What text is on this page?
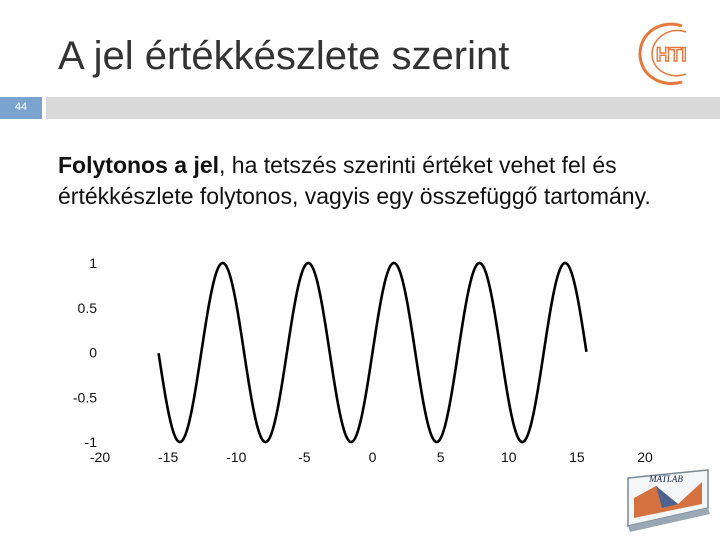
A jel értékkészlete szerint	HTI
44
Folytonos a jel, ha tetszés szerinti értéket vehet fel és értékkészlete folytonos, vagyis egy összefüggő tartomány.
1
0.5
0
-0.5
-1
-20	-15	-10	-5	0	5	10	15	20
MATLAB
